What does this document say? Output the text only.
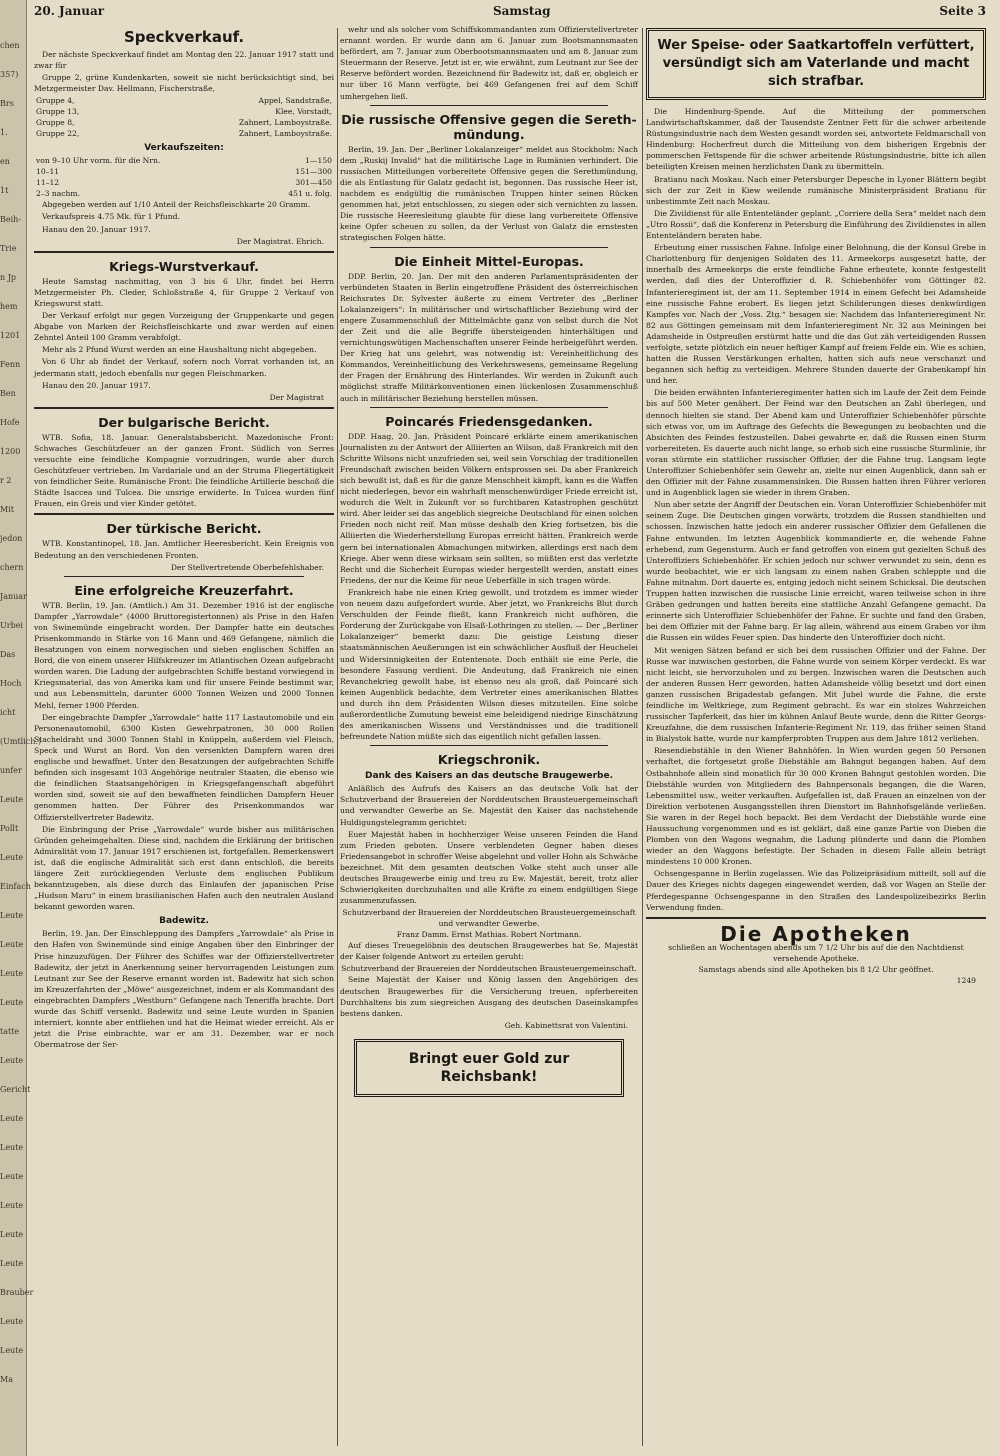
chen
357)
Brs
1.
en
1t
Beih-
Trie
n Jp
hem
1201
Fenn
Ben
Hofe
1200
r 2
Mit
jedon
chern
Januar
Urbei
Das
Hoch
icht
(Umtlich.)
unfer
Leute
Pollt
Leute
Einfach
Leute
Leute
Leute
Leute
tatte
Leute
Gericht
Leute
Leute
Leute
Leute
Leute
Leute
Brauber
Leute
Leute
Ma
20. Januar	Samstag	Seite 3
Speckverkauf.

Der nächste Speckverkauf findet am Montag den 22. Januar 1917 statt und zwar für

Gruppe 2, grüne Kundenkarten, soweit sie nicht berücksichtigt sind, bei Metzgermeister Dav. Hellmann, Fischerstraße,

Gruppe 4,	Appel, Sandstraße,
Gruppe 13,	Klee, Vorstadt,
Gruppe 8,	Zahnert, Lamboystraße.
Gruppe 22,	Zahnert, Lamboystraße.
Verkaufszeiten:
von 9–10 Uhr vorm. für die Nrn.	1—150
10–11	151—300
11–12	301—450
2–3 nachm.	451 u. folg.

Abgegeben werden auf 1/10 Anteil der Reichsfleischkarte 20 Gramm.

Verkaufspreis 4.75 Mk. für 1 Pfund.

Hanau den 20. Januar 1917.

Der Magistrat. Ehrich.
Kriegs-Wurstverkauf.

Heute Samstag nachmittag, von 3 bis 6 Uhr, findet bei Herrn Metzgermeister Ph. Cleder, Schloßstraße 4, für Gruppe 2 Verkauf von Kriegswurst statt.

Der Verkauf erfolgt nur gegen Vorzeigung der Gruppenkarte und gegen Abgabe von Marken der Reichsfleischkarte und zwar werden auf einen Zehntel Anteil 100 Gramm verabfolgt.

Mehr als 2 Pfund Wurst werden an eine Haushaltung nicht abgegeben.

Von 6 Uhr ab findet der Verkauf, sofern noch Vorrat vorhanden ist, an jedermann statt, jedoch ebenfalls nur gegen Fleischmarken.

Hanau den 20. Januar 1917.

Der Magistrat
Der bulgarische Bericht.

WTB. Sofia, 18. Januar. Generalstabsbericht. Mazedonische Front: Schwaches Geschützfeuer an der ganzen Front. Südlich von Serres versuchte eine feindliche Kompagnie vorzudringen, wurde aber durch Geschützfeuer vertrieben. Im Vardariale und an der Struma Fliegertätigkeit von feindlicher Seite. Rumänische Front: Die feindliche Artillerie beschoß die Städte Isaccea und Tulcea. Die unsrige erwiderte. In Tulcea wurden fünf Frauen, ein Greis und vier Kinder getötet.

Der türkische Bericht.

WTB. Konstantinopel, 18. Jan. Amtlicher Heeresbericht. Kein Ereignis von Bedeutung an den verschiedenen Fronten.

Der Stellvertretende Oberbefehlshaber.
Eine erfolgreiche Kreuzerfahrt.

WTB. Berlin, 19. Jan. (Amtlich.) Am 31. Dezember 1916 ist der englische Dampfer „Yarrowdale“ (4000 Bruttoregistertonnen) als Prise in den Hafen von Swinemünde eingebracht worden. Der Dampfer hatte ein deutsches Prisenkommando in Stärke von 16 Mann und 469 Gefangene, nämlich die Besatzungen von einem norwegischen und sieben englischen Schiffen an Bord, die von einem unserer Hilfskreuzer im Atlantischen Ozean aufgebracht worden waren. Die Ladung der aufgebrachten Schiffe bestand vorwiegend in Kriegsmaterial, das von Amerika kam und für unsere Feinde bestimmt war, und aus Lebensmitteln, darunter 6000 Tonnen Weizen und 2000 Tonnen Mehl, ferner 1900 Pferden.

Der eingebrachte Dampfer „Yarrowdale“ hatte 117 Lastautomobile und ein Personenautomobil, 6300 Kisten Gewehrpatronen, 30 000 Rollen Stacheldraht und 3000 Tonnen Stahl in Knüppeln, außerdem viel Fleisch, Speck und Wurst an Bord. Von den versenkten Dampfern waren drei englische und bewaffnet. Unter den Besatzungen der aufgebrachten Schiffe befinden sich insgesamt 103 Angehörige neutraler Staaten, die ebenso wie die feindlichen Staatsangehörigen in Kriegsgefangenschaft abgeführt worden sind, soweit sie auf den bewaffneten feindlichen Dampfern Heuer genommen hatten. Der Führer des Prisenkommandos war Offizierstellvertreter Badewitz.

Die Einbringung der Prise „Yarrowdale“ wurde bisher aus militärischen Gründen geheimgehalten. Diese sind, nachdem die Erklärung der britischen Admiralität vom 17. Januar 1917 erschienen ist, fortgefallen. Bemerkenswert ist, daß die englische Admiralität sich erst dann entschloß, die bereits längere Zeit zurückliegenden Verluste dem englischen Publikum bekanntzugeben, als diese durch das Einlaufen der japanischen Prise „Hudson Maru“ in einem brasilianischen Hafen auch den neutralen Ausland bekannt geworden waren.

Badewitz.

Berlin, 19. Jan. Der Einschleppung des Dampfers „Yarrowdale“ als Prise in den Hafen von Swinemünde sind einige Angaben über den Einbringer der Prise hinzuzufügen. Der Führer des Schiffes war der Offizierstellvertreter Badewitz, der jetzt in Anerkennung seiner hervorragenden Leistungen zum Leutnant zur See der Reserve ernannt worden ist. Badewitz hat sich schon im Kreuzerfahrten der „Möwe“ ausgezeichnet, indem er als Kommandant des eingebrachten Dampfers „Westburn“ Gefangene nach Teneriffa brachte. Dort wurde das Schiff versenkt. Badewitz und seine Leute wurden in Spanien interniert, konnte aber entfliehen und hat die Heimat wieder erreicht. Als er jetzt die Prise einbrachte, war er am 31. Dezember, war er noch Obermatrose der Ser-

wehr und als solcher vom Schiffskommandanten zum Offizierstellvertreter ernannt worden. Er wurde dann am 6. Januar zum Bootsmannsmaaten befördert, am 7. Januar zum Oberbootsmannsmaaten und am 8. Januar zum Steuermann der Reserve. Jetzt ist er, wie erwähnt, zum Leutnant zur See der Reserve befördert worden. Bezeichnend für Badewitz ist, daß er, obgleich er nur über 16 Mann verfügte, bei 469 Gefangenen frei auf dem Schiff umhergehen ließ.

Die russische Offensive gegen die Sereth-mündung.

Berlin, 19. Jan. Der „Berliner Lokalanzeiger“ meldet aus Stockholm: Nach dem „Ruskij Invalid“ hat die militärische Lage in Rumänien verhindert. Die russischen Mitteilungen vorbereitete Offensive gegen die Serethmündung, die als Entlastung für Galatz gedacht ist, begonnen. Das russische Heer ist, nachdem es endgültig die rumänischen Truppen hinter seinen Rücken genommen hat, jetzt entschlossen, zu siegen oder sich vernichten zu lassen. Die russische Heeresleitung glaubte für diese lang vorbereitete Offensive keine Opfer scheuen zu sollen, da der Verlust von Galatz die ernstesten strategischen Folgen hätte.

Die Einheit Mittel-Europas.

DDP. Berlin, 20. Jan. Der mit den anderen Parlamentspräsidenten der verbündeten Staaten in Berlin eingetroffene Präsident des österreichischen Reichsrates Dr. Sylvester äußerte zu einem Vertreter des „Berliner Lokalanzeigers“: In militärischer und wirtschaftlicher Beziehung wird der engere Zusammenschluß der Mittelmächte ganz von selbst durch die Not der Zeit und die alle Begriffe übersteigenden hinterhältigen und vernichtungswütigen Machenschaften unserer Feinde herbeigeführt werden. Der Krieg hat uns gelehrt, was notwendig ist: Vereinheitlichung des Kommandos, Vereinheitlichung des Verkehrswesens, gemeinsame Regelung der Fragen der Ernährung des Hinterlandes. Wir werden in Zukunft auch möglichst straffe Militärkonventionen einen lückenlosen Zusammenschluß auch in militärischer Beziehung herstellen müssen.

Poincarés Friedensgedanken.

DDP. Haag, 20. Jan. Präsident Poincaré erklärte einem amerikanischen Journalisten zu der Antwort der Alliierten an Wilson, daß Frankreich mit den Schritte Wilsons nicht unzufrieden sei, weil sein Vorschlag der traditionellen Freundschaft zwischen beiden Völkern entsprossen sei. Da aber Frankreich sich bewußt ist, daß es für die ganze Menschheit kämpft, kann es die Waffen nicht niederlegen, bevor ein wahrhaft menschenwürdiger Friede erreicht ist, wodurch die Welt in Zukunft vor so furchtbaren Katastrophen geschützt wird. Aber leider sei das angeblich siegreiche Deutschland für einen solchen Frieden noch nicht reif. Man müsse deshalb den Krieg fortsetzen, bis die Alliierten die Wiederherstellung Europas erreicht hätten. Frankreich werde gern bei internationalen Abmachungen mitwirken, allerdings erst nach dem Kriege. Aber wenn diese wirksam sein sollten, so müßten erst das verletzte Recht und die Sicherheit Europas wieder hergestellt werden, anstatt eines Friedens, der nur die Keime für neue Ueberfälle in sich tragen würde.

Frankreich habe nie einen Krieg gewollt, und trotzdem es immer wieder von neuem dazu aufgefordert wurde. Aber jetzt, wo Frankreichs Blut durch Verschulden der Feinde fließt, kann Frankreich nicht aufhören, die Forderung der Zurückgabe von Elsaß-Lothringen zu stellen. — Der „Berliner Lokalanzeiger“ bemerkt dazu: Die geistige Leistung dieser staatsmännischen Aeußerungen ist ein schwächlicher Ausfluß der Heuchelei und Widersinnigkeiten der Ententenote. Doch enthält sie eine Perle, die besondere Fassung verdient. Die Andeutung, daß Frankreich nie einen Revanchekrieg gewollt habe, ist ebenso neu als groß, daß Poincaré sich keinen Augenblick bedachte, dem Vertreter eines amerikanischen Blattes und durch ihn dem Präsidenten Wilson dieses mitzuteilen. Eine solche außerordentliche Zumutung beweist eine beleidigend niedrige Einschätzung des amerikanischen Wissens und Verständnisses und die traditionell befreundete Nation müßte sich das eigentlich nicht gefallen lassen.

Kriegschronik.
Dank des Kaisers an das deutsche Braugewerbe.

Anläßlich des Aufrufs des Kaisers an das deutsche Volk hat der Schutzverband der Brauereien der Norddeutschen Brausteuergemeinschaft und verwandter Gewerbe an Se. Majestät den Kaiser das nachstehende Huldigungstelegramm gerichtet:

Euer Majestät haben in hochherziger Weise unseren Feinden die Hand zum Frieden geboten. Unsere verblendeten Gegner haben dieses Friedensangebot in schroffer Weise abgelehnt und voller Hohn als Schwäche bezeichnet. Mit dem gesamten deutschen Volke steht auch unser alle deutsches Braugewerbe einig und treu zu Ew. Majestät, bereit, trotz aller Schwierigkeiten durchzuhalten und alle Kräfte zu einem endgültigen Siege zusammenzufassen.

Schutzverband der Brauereien der Norddeutschen Brausteuergemeinschaft und verwandter Gewerbe.
Franz Damm. Ernst Mathias. Robert Nortmann.

Auf dieses Treuegelöbnis des deutschen Braugewerbes hat Se. Majestät der Kaiser folgende Antwort zu erteilen geruht:

Schutzverband der Brauereien der Norddeutschen Brausteuergemeinschaft.

Seine Majestät der Kaiser und König lassen den Angehörigen des deutschen Braugewerbes für die Versicherung treuen, opferbereiten Durchhaltens bis zum siegreichen Ausgang des deutschen Daseinskampfes bestens danken.

Geh. Kabinettsrat von Valentini.
Bringt euer Gold zur Reichsbank!
Wer Speise- oder Saatkartoffeln verfüttert, versündigt sich am Vaterlande und macht sich strafbar.

Die Hindenburg-Spende. Auf die Mitteilung der pommerschen Landwirtschaftskammer, daß der Tausendste Zentner Fett für die schwer arbeitende Rüstungsindustrie nach dem Westen gesandt worden sei, antwortete Feldmarschall von Hindenburg: Hocherfreut durch die Mitteilung von dem bisherigen Ergebnis der pommerschen Fettspende für die schwer arbeitende Rüstungsindustrie, bitte ich allen beteiligten Kreisen meinen herzlichsten Dank zu übermitteln.

Bratianu nach Moskau. Nach einer Petersburger Depesche in Lyoner Blättern begibt sich der zur Zeit in Kiew weilende rumänische Ministerpräsident Bratianu für unbestimmte Zeit nach Moskau.

Die Zivildienst für alle Ententeländer geplant. „Corriere della Sera“ meldet nach dem „Utro Rossii“, daß die Konferenz in Petersburg die Einführung des Zivildienstes in allen Ententeländern beraten habe.

Erbeutung einer russischen Fahne. Infolge einer Belohnung, die der Konsul Grebe in Charlottenburg für denjenigen Soldaten des 11. Armeekorps ausgesetzt hatte, der innerhalb des Armeekorps die erste feindliche Fahne erbeutete, konnte festgestellt werden, daß dies der Unteroffizier d. R. Schiebenhöfer vom Göttinger 82. Infanterieregiment ist, der am 11. September 1914 in einem Gefecht bei Adamsheide eine russische Fahne erobert. Es liegen jetzt Schilderungen dieses denkwürdigen Kampfes vor. Nach der „Voss. Ztg.“ besagen sie: Nachdem das Infanterieregiment Nr. 82 aus Göttingen gemeinsam mit dem Infanterieregiment Nr. 32 aus Meiningen bei Adamsheide in Ostpreußen erstürmt hatte und die das Gut zäh verteidigenden Russen verfolgte, setzte plötzlich ein neuer heftiger Kampf auf freiem Felde ein. Wie es schien, hatten die Russen Verstärkungen erhalten, hatten sich aufs neue verschanzt und begannen sich heftig zu verteidigen. Mehrere Stunden dauerte der Grabenkampf hin und her.

Die beiden erwähnten Infanterieregimenter hatten sich im Laufe der Zeit dem Feinde bis auf 500 Meter genähert. Der Feind war den Deutschen an Zahl überlegen, und dennoch hielten sie stand. Der Abend kam und Unteroffizier Schiebenhöfer pürschte sich etwas vor, um im Auftrage des Gefechts die Bewegungen zu beobachten und die Absichten des Feindes festzustellen. Dabei gewahrte er, daß die Russen einen Sturm vorbereiteten. Es dauerte auch nicht lange, so erhob sich eine russische Sturmlinie, ihr voran stürmte ein stattlicher russischer Offizier, der die Fahne trug. Langsam legte Unteroffizier Schiebenhöfer sein Gewehr an, zielte nur einen Augenblick, dann sah er den Offizier mit der Fahne zusammensinken. Die Russen hatten ihren Führer verloren und in Augenblick lagen sie wieder in ihrem Graben.

Nun aber setzte der Angriff der Deutschen ein. Voran Unteroffizier Schiebenhöfer mit seinem Zuge. Die Deutschen gingen vorwärts, trotzdem die Russen standhielten und schossen. Inzwischen hatte jedoch ein anderer russischer Offizier dem Gefallenen die Fahne entwunden. Im letzten Augenblick kommandierte er, die wehende Fahne erhebend, zum Gegensturm. Auch er fand getroffen von einem gut gezielten Schuß des Unteroffiziers Schiebenhöfer. Er schien jedoch nur schwer verwundet zu sein, denn es wurde beobachtet, wie er sich langsam zu einem nahen Graben schleppte und die Fahne mitnahm. Dort dauerte es, entging jedoch nicht seinem Schicksal. Die deutschen Truppen hatten inzwischen die russische Linie erreicht, waren teilweise schon in ihre Gräben gedrungen und hatten bereits eine stattliche Anzahl Gefangene gemacht. Da erinnerte sich Unteroffizier Schiebenhöfer der Fahne. Er suchte und fand den Graben, bei dem Offizier mit der Fahne barg. Er lag allein, während aus einem Graben vor ihm die Russen ein wildes Feuer spien. Das hinderte den Unteroffizier doch nicht.

Mit wenigen Sätzen befand er sich bei dem russischen Offizier und der Fahne. Der Russe war inzwischen gestorben, die Fahne wurde von seinem Körper verdeckt. Es war nicht leicht, sie hervorzuholen und zu bergen. Inzwischen waren die Deutschen auch der anderen Russen Herr geworden, hatten Adamsheide völlig besetzt und dort einen ganzen russischen Brigadestab gefangen. Mit Jubel wurde die Fahne, die erste feindliche im Weltkriege, zum Regiment gebracht. Es war ein stolzes Wahrzeichen russischer Tapferkeit, das hier im kühnen Anlauf Beute wurde, denn die Ritter Georgs-Kreuzfahne, die dem russischen Infanterie-Regiment Nr. 119, das früher seinen Stand in Bialystok hatte, wurde nur kampferprobten Truppen aus dem Jahre 1812 verliehen.

Riesendiebstähle in den Wiener Bahnhöfen. In Wien wurden gegen 50 Personen verhaftet, die fortgesetzt große Diebstähle am Bahngut begangen haben. Auf dem Ostbahnhofe allein sind monatlich für 30 000 Kronen Bahngut gestohlen worden. Die Diebstähle wurden von Mitgliedern des Bahnpersonals begangen, die die Waren, Lebensmittel usw., weiter verkauften. Aufgefallen ist, daß Frauen an einzelnen von der Direktion verbotenen Ausgangsstellen ihren Dienstort im Bahnhofsgelände verließen. Sie waren in der Regel hoch bepackt. Bei dem Verdacht der Diebstähle wurde eine Haussuchung vorgenommen und es ist geklärt, daß eine ganze Partie von Dieben die Plomben von den Wagons wegnahm, die Ladung plünderte und dann die Plomben wieder an den Waggons befestigte. Der Schaden in diesem Falle allein beträgt mindestens 10 000 Kronen.

Ochsengespanne in Berlin zugelassen. Wie das Polizeipräsidium mitteilt, soll auf die Dauer des Krieges nichts dagegen eingewendet werden, daß vor Wagen an Stelle der Pferdegespanne Ochsengespanne in den Straßen des Landespolizeibezirks Berlin Verwendung finden.

Die Apotheken
schließen an Wochentagen abends um 7 1/2 Uhr bis auf die den Nachtdienst versehende Apotheke.
Samstags abends sind alle Apotheken bis 8 1/2 Uhr geöffnet.
1249
